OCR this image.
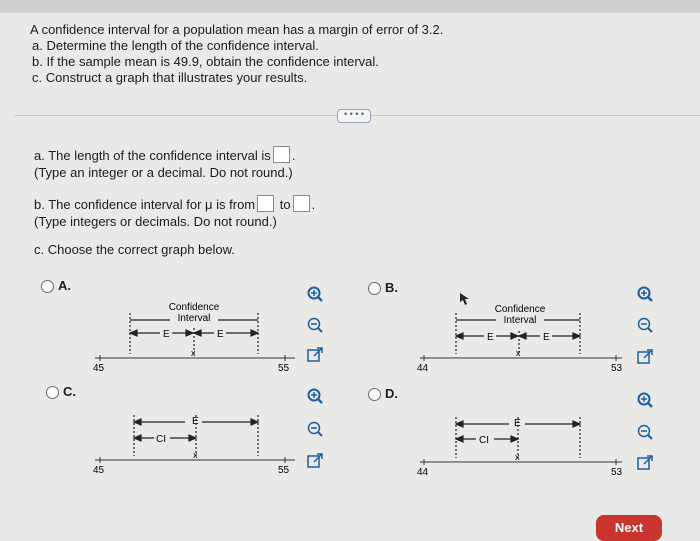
A confidence interval for a population mean has a margin of error of 3.2.
a. Determine the length of the confidence interval.
b. If the sample mean is 49.9, obtain the confidence interval.
c. Construct a graph that illustrates your results.
• • • •
a. The length of the confidence interval is .
(Type an integer or a decimal. Do not round.)
b. The confidence interval for μ is from to .
(Type integers or decimals. Do not round.)
c. Choose the correct graph below.
A.
45	55
Confidence
Interval
E	E
x
B.
44	53
Confidence
Interval
E	E
x
C.
45	55
E
CI
x
D.
44	53
E
CI
x
Next
